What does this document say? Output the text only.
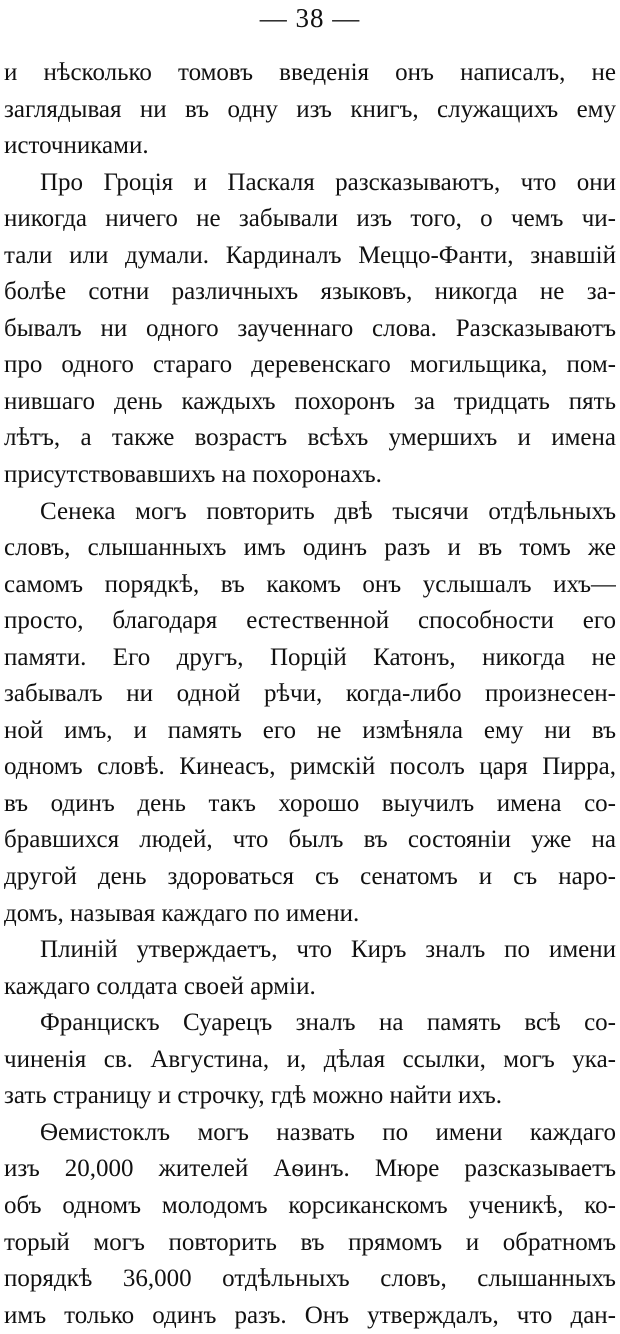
— 38 —
и нѣсколько томовъ введенія онъ написалъ, не
заглядывая ни въ одну изъ книгъ, служащихъ ему
источниками.
Про Гроція и Паскаля разсказываютъ, что они
никогда ничего не забывали изъ того, о чемъ чи-
тали или думали. Кардиналъ Меццо-Фанти, знавшій
болѣе сотни различныхъ языковъ, никогда не за-
бывалъ ни одного заученнаго слова. Разсказываютъ
про одного стараго деревенскаго могильщика, пом-
нившаго день каждыхъ похоронъ за тридцать пять
лѣтъ, а также возрастъ всѣхъ умершихъ и имена
присутствовавшихъ на похоронахъ.
Сенека могъ повторить двѣ тысячи отдѣльныхъ
словъ, слышанныхъ имъ одинъ разъ и въ томъ же
самомъ порядкѣ, въ какомъ онъ услышалъ ихъ—
просто, благодаря естественной способности его
памяти. Его другъ, Порцій Катонъ, никогда не
забывалъ ни одной рѣчи, когда-либо произнесен-
ной имъ, и память его не измѣняла ему ни въ
одномъ словѣ. Кинеасъ, римскій посолъ царя Пирра,
въ одинъ день такъ хорошо выучилъ имена со-
бравшихся людей, что былъ въ состояніи уже на
другой день здороваться съ сенатомъ и съ наро-
домъ, называя каждаго по имени.
Плиній утверждаетъ, что Киръ зналъ по имени
каждаго солдата своей арміи.
Францискъ Суарецъ зналъ на память всѣ со-
чиненія св. Августина, и, дѣлая ссылки, могъ ука-
зать страницу и строчку, гдѣ можно найти ихъ.
Ѳемистоклъ могъ назвать по имени каждаго
изъ 20,000 жителей Аѳинъ. Мюре разсказываетъ
объ одномъ молодомъ корсиканскомъ ученикѣ, ко-
торый могъ повторить въ прямомъ и обратномъ
порядкѣ 36,000 отдѣльныхъ словъ, слышанныхъ
имъ только одинъ разъ. Онъ утверждалъ, что дан-
